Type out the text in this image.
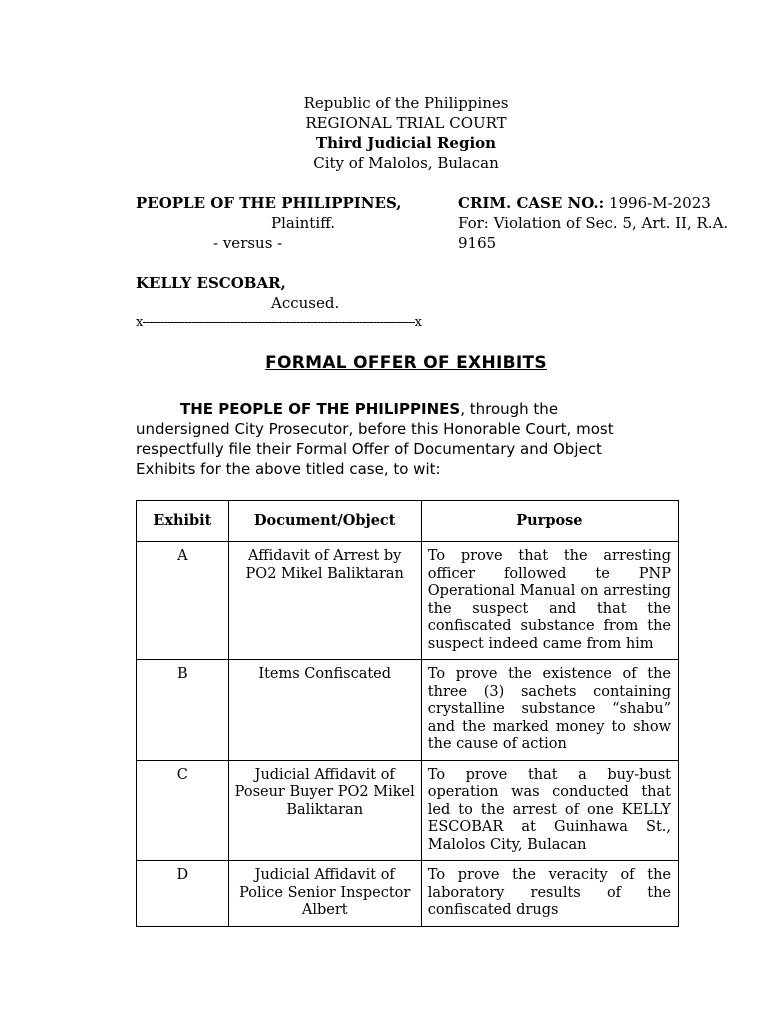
Republic of the Philippines
REGIONAL TRIAL COURT
Third Judicial Region
City of Malolos, Bulacan
PEOPLE OF THE PHILIPPINES,
Plaintiff.
- versus -
CRIM. CASE NO.: 1996-M-2023
For: Violation of Sec. 5, Art. II, R.A.
9165
KELLY ESCOBAR,
Accused.
x------------------------------------------------------------------------------x
FORMAL OFFER OF EXHIBITS
THE PEOPLE OF THE PHILIPPINES, through the undersigned City Prosecutor, before this Honorable Court, most respectfully file their Formal Offer of Documentary and Object Exhibits for the above titled case, to wit:
Exhibit	Document/Object	Purpose
A	Affidavit of Arrest by PO2 Mikel Baliktaran	To prove that the arresting officer followed te PNP Operational Manual on arresting the suspect and that the confiscated substance from the suspect indeed came from him
B	Items Confiscated	To prove the existence of the three (3) sachets containing crystalline substance “shabu” and the marked money to show the cause of action
C	Judicial Affidavit of Poseur Buyer PO2 Mikel Baliktaran	To prove that a buy-bust operation was conducted that led to the arrest of one KELLY ESCOBAR at Guinhawa St., Malolos City, Bulacan
D	Judicial Affidavit of Police Senior Inspector Albert	To prove the veracity of the laboratory results of the confiscated drugs
